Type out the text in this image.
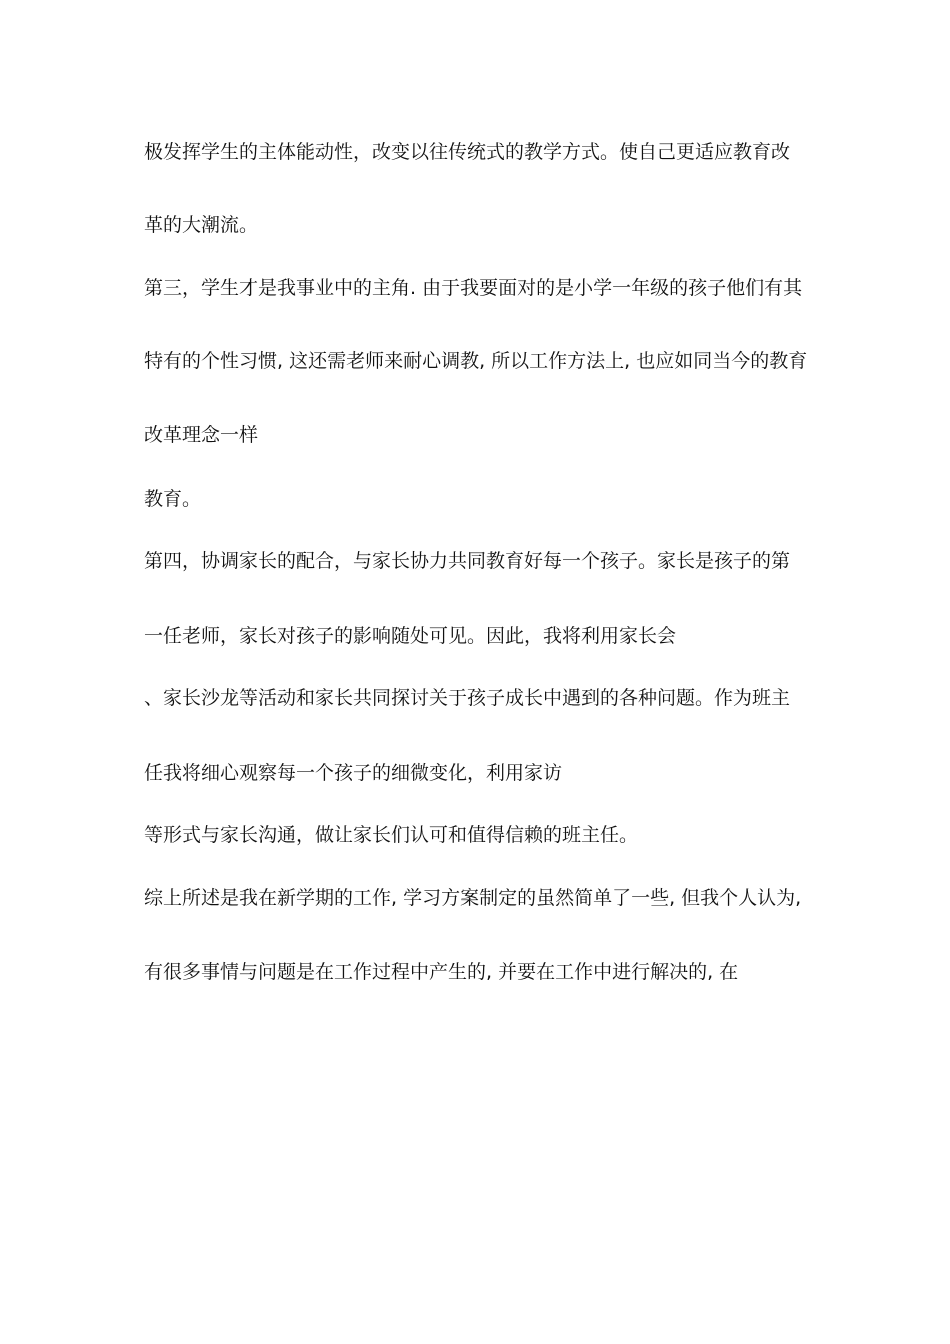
极发挥学生的主体能动性，改变以往传统式的教学方式。使自己更适应教育改

革的大潮流。

第三，学生才是我事业中的主角. 由于我要面对的是小学一年级的孩子他们有其

特有的个性习惯, 这还需老师来耐心调教, 所以工作方法上, 也应如同当今的教育

改革理念一样

教育。

第四，协调家长的配合，与家长协力共同教育好每一个孩子。家长是孩子的第

一任老师，家长对孩子的影响随处可见。因此，我将利用家长会

、家长沙龙等活动和家长共同探讨关于孩子成长中遇到的各种问题。作为班主

任我将细心观察每一个孩子的细微变化，利用家访

等形式与家长沟通，做让家长们认可和值得信赖的班主任。

综上所述是我在新学期的工作, 学习方案制定的虽然简单了一些, 但我个人认为,

有很多事情与问题是在工作过程中产生的, 并要在工作中进行解决的, 在
